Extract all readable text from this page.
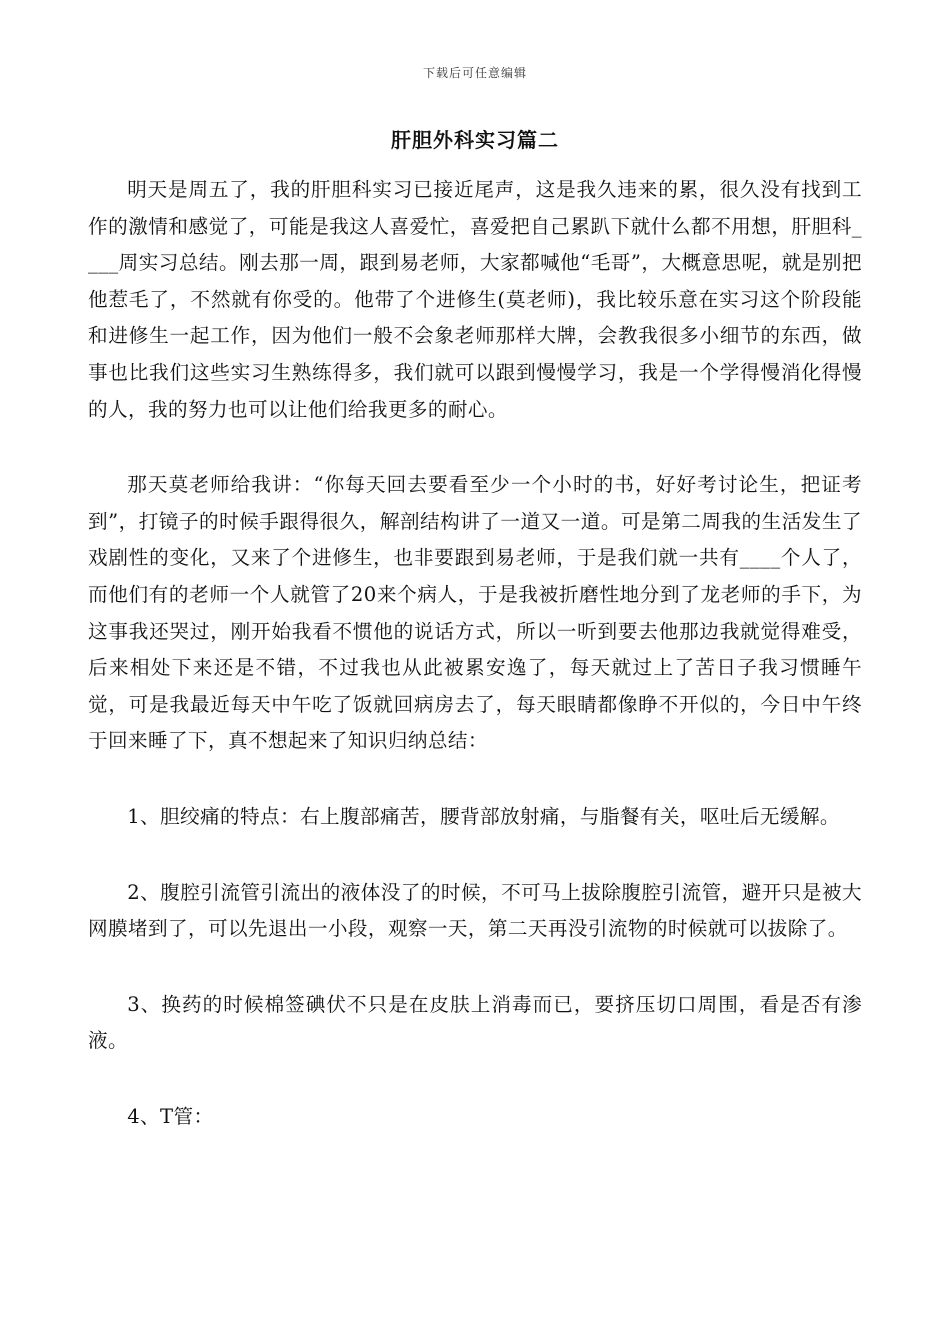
下载后可任意编辑
肝胆外科实习篇二

明天是周五了，我的肝胆科实习已接近尾声，这是我久违来的累，很久没有找到工作的激情和感觉了，可能是我这人喜爱忙，喜爱把自己累趴下就什么都不用想，肝胆科____周实习总结。刚去那一周，跟到易老师，大家都喊他“毛哥”，大概意思呢，就是别把他惹毛了，不然就有你受的。他带了个进修生(莫老师)，我比较乐意在实习这个阶段能和进修生一起工作，因为他们一般不会象老师那样大牌，会教我很多小细节的东西，做事也比我们这些实习生熟练得多，我们就可以跟到慢慢学习，我是一个学得慢消化得慢的人，我的努力也可以让他们给我更多的耐心。

那天莫老师给我讲：“你每天回去要看至少一个小时的书，好好考讨论生，把证考到”，打镜子的时候手跟得很久，解剖结构讲了一道又一道。可是第二周我的生活发生了戏剧性的变化，又来了个进修生，也非要跟到易老师，于是我们就一共有____个人了，而他们有的老师一个人就管了20来个病人，于是我被折磨性地分到了龙老师的手下，为这事我还哭过，刚开始我看不惯他的说话方式，所以一听到要去他那边我就觉得难受，后来相处下来还是不错，不过我也从此被累安逸了，每天就过上了苦日子我习惯睡午觉，可是我最近每天中午吃了饭就回病房去了，每天眼睛都像睁不开似的，今日中午终于回来睡了下，真不想起来了知识归纳总结：

1、胆绞痛的特点：右上腹部痛苦，腰背部放射痛，与脂餐有关，呕吐后无缓解。

2、腹腔引流管引流出的液体没了的时候，不可马上拔除腹腔引流管，避开只是被大网膜堵到了，可以先退出一小段，观察一天，第二天再没引流物的时候就可以拔除了。

3、换药的时候棉签碘伏不只是在皮肤上消毒而已，要挤压切口周围，看是否有渗液。

4、T管：
